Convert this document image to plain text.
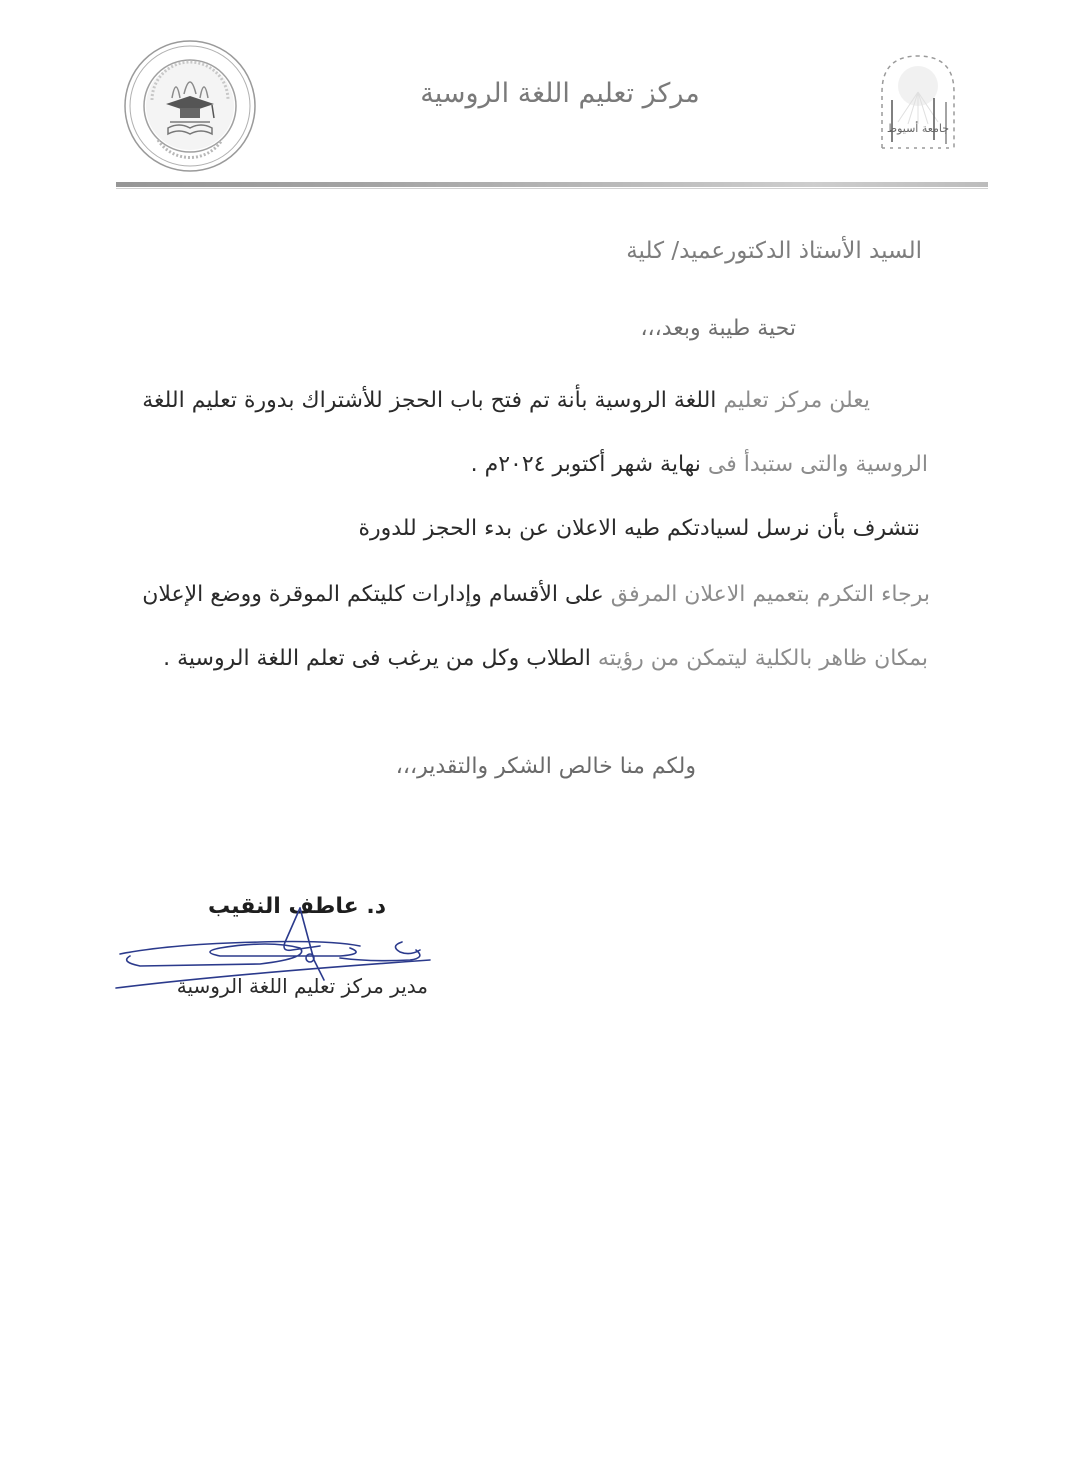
جامعة أسيوط
مركز تعليم اللغة الروسية
السيد الأستاذ الدكتورعميد/ كلية
تحية طيبة وبعد،،،
يعلن مركز تعليم اللغة الروسية بأنة تم فتح باب الحجز للأشتراك بدورة تعليم اللغة
الروسية والتى ستبدأ فى نهاية شهر أكتوبر ٢٠٢٤م .
نتشرف بأن نرسل لسيادتكم طيه الاعلان عن بدء الحجز للدورة
برجاء التكرم بتعميم الاعلان المرفق على الأقسام وإدارات كليتكم الموقرة ووضع الإعلان
بمكان ظاهر بالكلية ليتمكن من رؤيته الطلاب وكل من يرغب فى تعلم اللغة الروسية .
ولكم منا خالص الشكر والتقدير،،،
د. عاطف النقيب
مدير مركز تعليم اللغة الروسية
